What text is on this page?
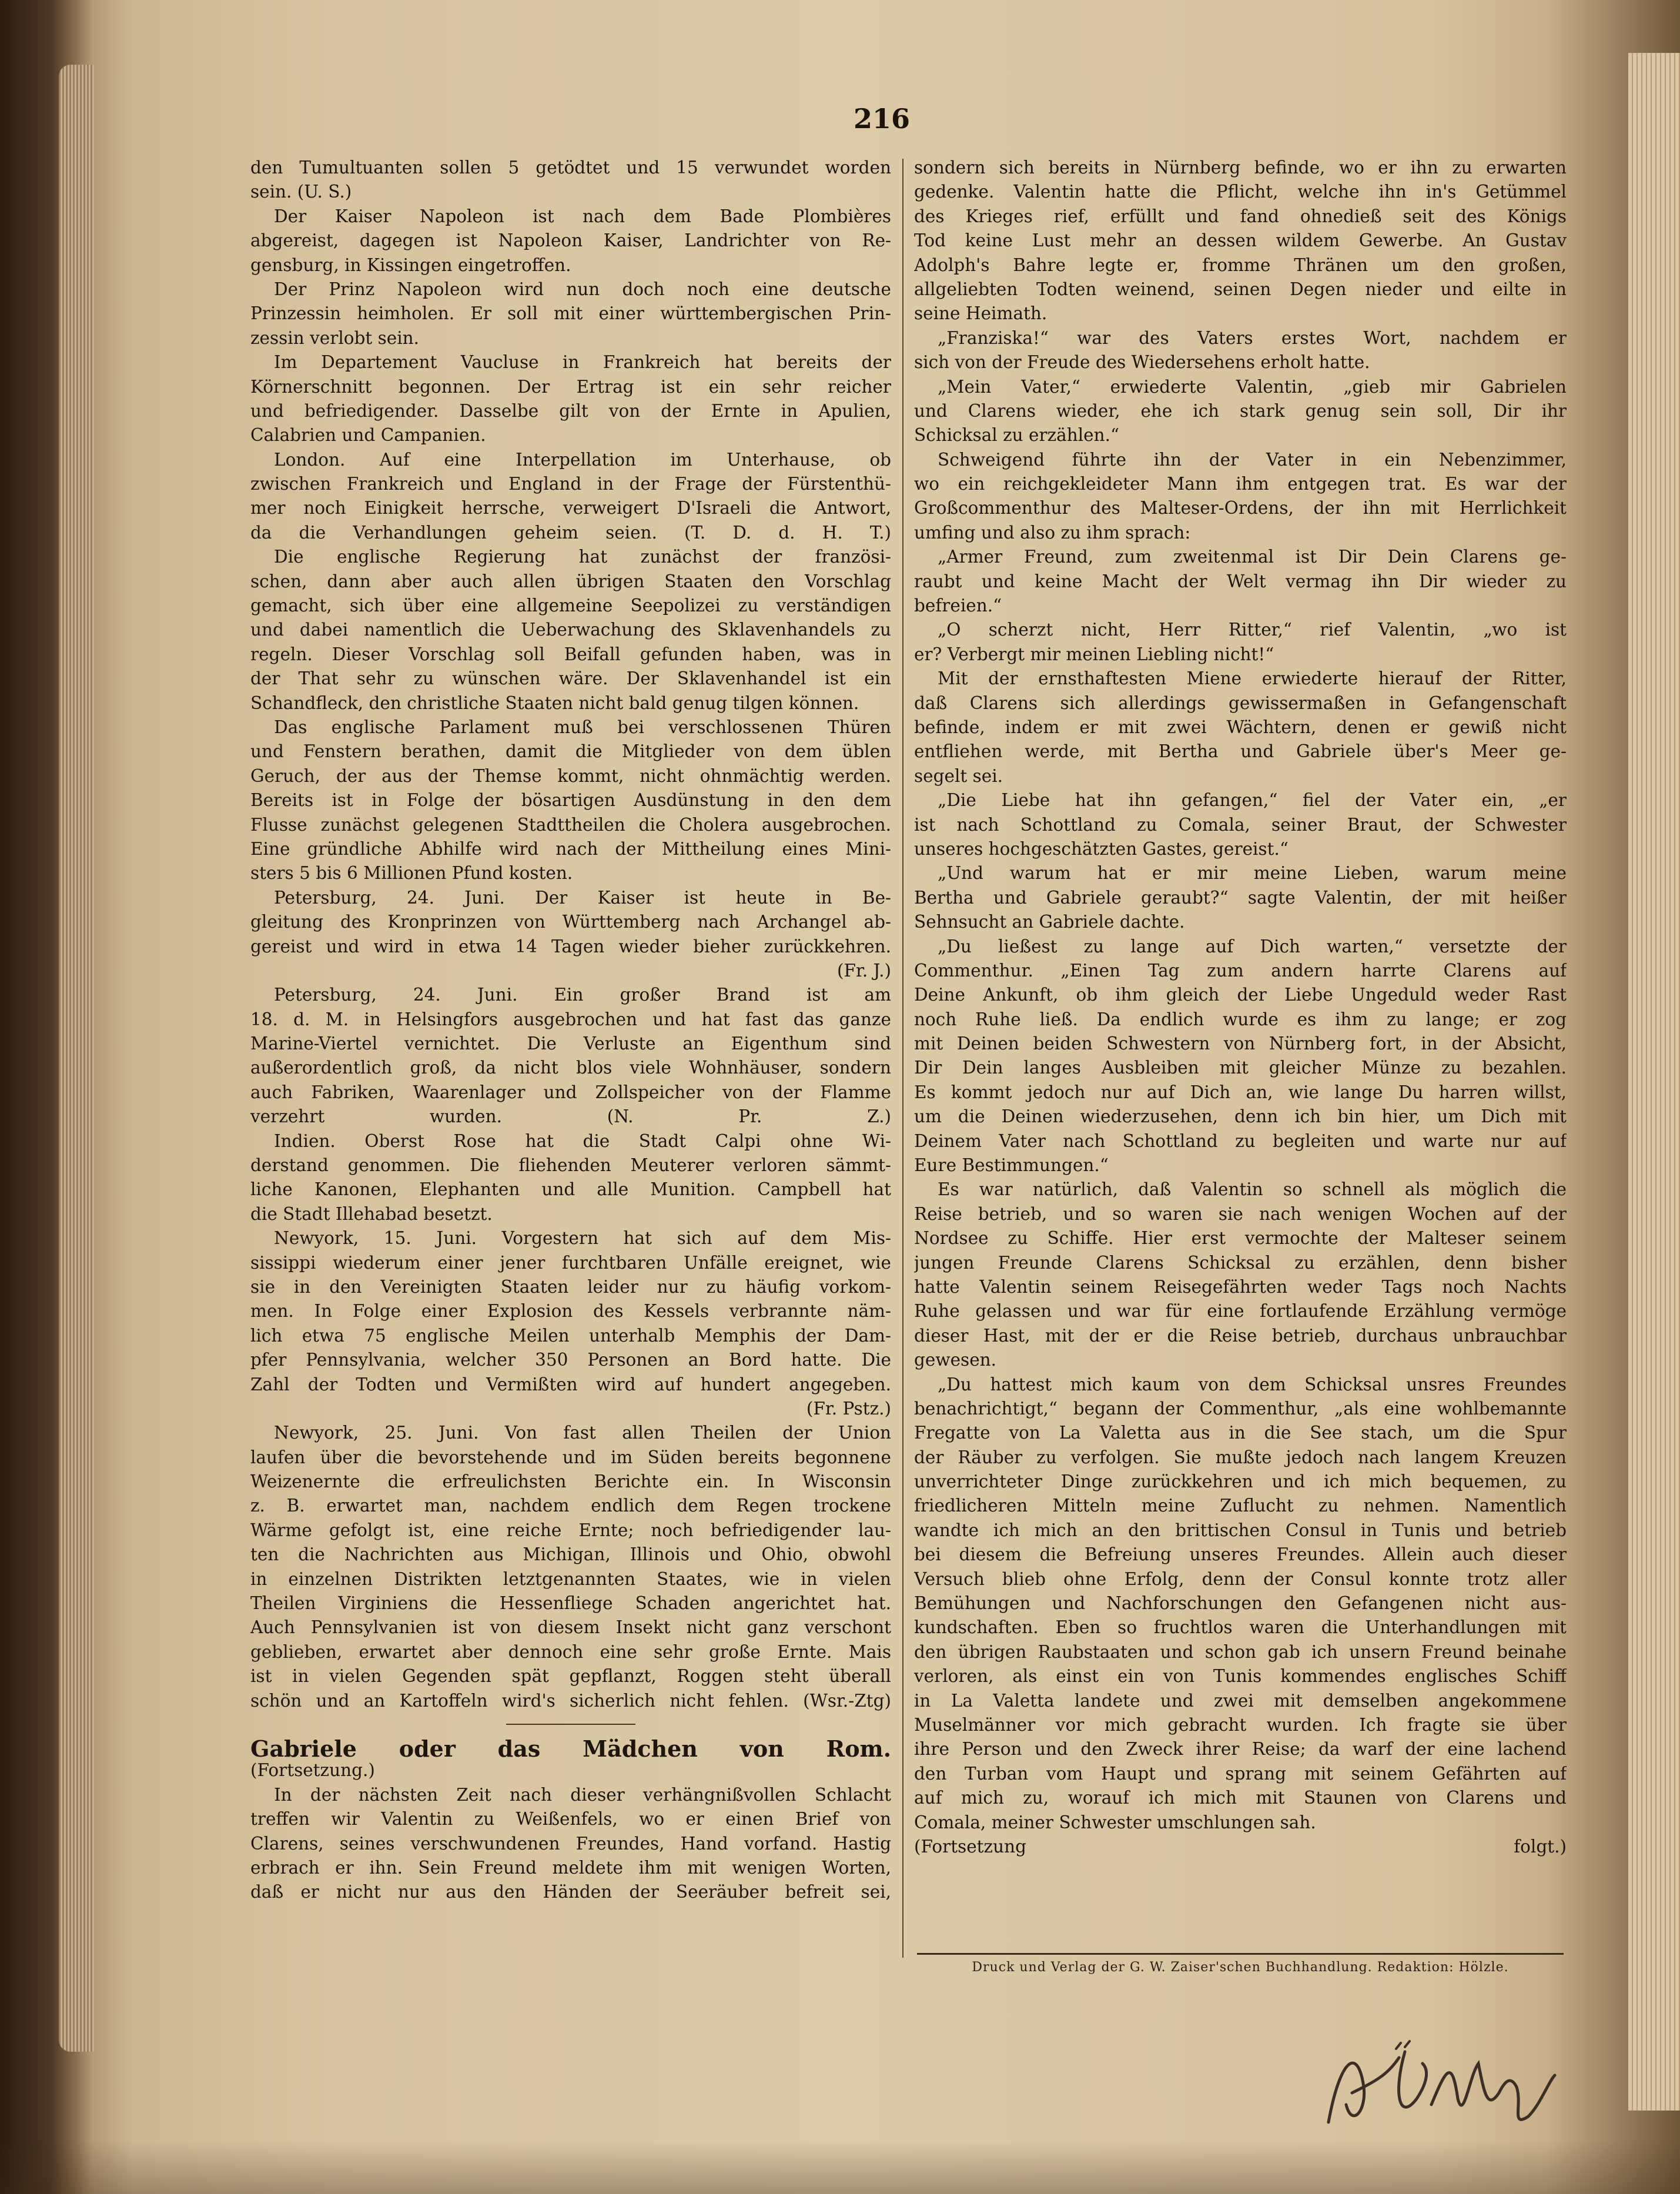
216
den Tumultuanten sollen 5 getödtet und 15 verwundet worden
sein. (U. S.)
Der Kaiser Napoleon ist nach dem Bade Plombières
abgereist, dagegen ist Napoleon Kaiser, Landrichter von Re-
gensburg, in Kissingen eingetroffen.
Der Prinz Napoleon wird nun doch noch eine deutsche
Prinzessin heimholen. Er soll mit einer württembergischen Prin-
zessin verlobt sein.
Im Departement Vaucluse in Frankreich hat bereits der
Körnerschnitt begonnen. Der Ertrag ist ein sehr reicher
und befriedigender. Dasselbe gilt von der Ernte in Apulien,
Calabrien und Campanien.
London. Auf eine Interpellation im Unterhause, ob
zwischen Frankreich und England in der Frage der Fürstenthü-
mer noch Einigkeit herrsche, verweigert D'Israeli die Antwort,
da die Verhandlungen geheim seien. (T. D. d. H. T.)
Die englische Regierung hat zunächst der französi-
schen, dann aber auch allen übrigen Staaten den Vorschlag
gemacht, sich über eine allgemeine Seepolizei zu verständigen
und dabei namentlich die Ueberwachung des Sklavenhandels zu
regeln. Dieser Vorschlag soll Beifall gefunden haben, was in
der That sehr zu wünschen wäre. Der Sklavenhandel ist ein
Schandfleck, den christliche Staaten nicht bald genug tilgen können.
Das englische Parlament muß bei verschlossenen Thüren
und Fenstern berathen, damit die Mitglieder von dem üblen
Geruch, der aus der Themse kommt, nicht ohnmächtig werden.
Bereits ist in Folge der bösartigen Ausdünstung in den dem
Flusse zunächst gelegenen Stadttheilen die Cholera ausgebrochen.
Eine gründliche Abhilfe wird nach der Mittheilung eines Mini-
sters 5 bis 6 Millionen Pfund kosten.
Petersburg, 24. Juni. Der Kaiser ist heute in Be-
gleitung des Kronprinzen von Württemberg nach Archangel ab-
gereist und wird in etwa 14 Tagen wieder bieher zurückkehren.
(Fr. J.)
Petersburg, 24. Juni. Ein großer Brand ist am
18. d. M. in Helsingfors ausgebrochen und hat fast das ganze
Marine-Viertel vernichtet. Die Verluste an Eigenthum sind
außerordentlich groß, da nicht blos viele Wohnhäuser, sondern
auch Fabriken, Waarenlager und Zollspeicher von der Flamme
verzehrt wurden. (N. Pr. Z.)
Indien. Oberst Rose hat die Stadt Calpi ohne Wi-
derstand genommen. Die fliehenden Meuterer verloren sämmt-
liche Kanonen, Elephanten und alle Munition. Campbell hat
die Stadt Illehabad besetzt.
Newyork, 15. Juni. Vorgestern hat sich auf dem Mis-
sissippi wiederum einer jener furchtbaren Unfälle ereignet, wie
sie in den Vereinigten Staaten leider nur zu häufig vorkom-
men. In Folge einer Explosion des Kessels verbrannte näm-
lich etwa 75 englische Meilen unterhalb Memphis der Dam-
pfer Pennsylvania, welcher 350 Personen an Bord hatte. Die
Zahl der Todten und Vermißten wird auf hundert angegeben.
(Fr. Pstz.)
Newyork, 25. Juni. Von fast allen Theilen der Union
laufen über die bevorstehende und im Süden bereits begonnene
Weizenernte die erfreulichsten Berichte ein. In Wisconsin
z. B. erwartet man, nachdem endlich dem Regen trockene
Wärme gefolgt ist, eine reiche Ernte; noch befriedigender lau-
ten die Nachrichten aus Michigan, Illinois und Ohio, obwohl
in einzelnen Distrikten letztgenannten Staates, wie in vielen
Theilen Virginiens die Hessenfliege Schaden angerichtet hat.
Auch Pennsylvanien ist von diesem Insekt nicht ganz verschont
geblieben, erwartet aber dennoch eine sehr große Ernte. Mais
ist in vielen Gegenden spät gepflanzt, Roggen steht überall
schön und an Kartoffeln wird's sicherlich nicht fehlen. (Wsr.-Ztg)
Gabriele oder das Mädchen von Rom.
(Fortsetzung.)
In der nächsten Zeit nach dieser verhängnißvollen Schlacht
treffen wir Valentin zu Weißenfels, wo er einen Brief von
Clarens, seines verschwundenen Freundes, Hand vorfand. Hastig
erbrach er ihn. Sein Freund meldete ihm mit wenigen Worten,
daß er nicht nur aus den Händen der Seeräuber befreit sei,
sondern sich bereits in Nürnberg befinde, wo er ihn zu erwarten
gedenke. Valentin hatte die Pflicht, welche ihn in's Getümmel
des Krieges rief, erfüllt und fand ohnedieß seit des Königs
Tod keine Lust mehr an dessen wildem Gewerbe. An Gustav
Adolph's Bahre legte er, fromme Thränen um den großen,
allgeliebten Todten weinend, seinen Degen nieder und eilte in
seine Heimath.
„Franziska!“ war des Vaters erstes Wort, nachdem er
sich von der Freude des Wiedersehens erholt hatte.
„Mein Vater,“ erwiederte Valentin, „gieb mir Gabrielen
und Clarens wieder, ehe ich stark genug sein soll, Dir ihr
Schicksal zu erzählen.“
Schweigend führte ihn der Vater in ein Nebenzimmer,
wo ein reichgekleideter Mann ihm entgegen trat. Es war der
Großcommenthur des Malteser-Ordens, der ihn mit Herrlichkeit
umfing und also zu ihm sprach:
„Armer Freund, zum zweitenmal ist Dir Dein Clarens ge-
raubt und keine Macht der Welt vermag ihn Dir wieder zu
befreien.“
„O scherzt nicht, Herr Ritter,“ rief Valentin, „wo ist
er? Verbergt mir meinen Liebling nicht!“
Mit der ernsthaftesten Miene erwiederte hierauf der Ritter,
daß Clarens sich allerdings gewissermaßen in Gefangenschaft
befinde, indem er mit zwei Wächtern, denen er gewiß nicht
entfliehen werde, mit Bertha und Gabriele über's Meer ge-
segelt sei.
„Die Liebe hat ihn gefangen,“ fiel der Vater ein, „er
ist nach Schottland zu Comala, seiner Braut, der Schwester
unseres hochgeschätzten Gastes, gereist.“
„Und warum hat er mir meine Lieben, warum meine
Bertha und Gabriele geraubt?“ sagte Valentin, der mit heißer
Sehnsucht an Gabriele dachte.
„Du ließest zu lange auf Dich warten,“ versetzte der
Commenthur. „Einen Tag zum andern harrte Clarens auf
Deine Ankunft, ob ihm gleich der Liebe Ungeduld weder Rast
noch Ruhe ließ. Da endlich wurde es ihm zu lange; er zog
mit Deinen beiden Schwestern von Nürnberg fort, in der Absicht,
Dir Dein langes Ausbleiben mit gleicher Münze zu bezahlen.
Es kommt jedoch nur auf Dich an, wie lange Du harren willst,
um die Deinen wiederzusehen, denn ich bin hier, um Dich mit
Deinem Vater nach Schottland zu begleiten und warte nur auf
Eure Bestimmungen.“
Es war natürlich, daß Valentin so schnell als möglich die
Reise betrieb, und so waren sie nach wenigen Wochen auf der
Nordsee zu Schiffe. Hier erst vermochte der Malteser seinem
jungen Freunde Clarens Schicksal zu erzählen, denn bisher
hatte Valentin seinem Reisegefährten weder Tags noch Nachts
Ruhe gelassen und war für eine fortlaufende Erzählung vermöge
dieser Hast, mit der er die Reise betrieb, durchaus unbrauchbar
gewesen.
„Du hattest mich kaum von dem Schicksal unsres Freundes
benachrichtigt,“ begann der Commenthur, „als eine wohlbemannte
Fregatte von La Valetta aus in die See stach, um die Spur
der Räuber zu verfolgen. Sie mußte jedoch nach langem Kreuzen
unverrichteter Dinge zurückkehren und ich mich bequemen, zu
friedlicheren Mitteln meine Zuflucht zu nehmen. Namentlich
wandte ich mich an den brittischen Consul in Tunis und betrieb
bei diesem die Befreiung unseres Freundes. Allein auch dieser
Versuch blieb ohne Erfolg, denn der Consul konnte trotz aller
Bemühungen und Nachforschungen den Gefangenen nicht aus-
kundschaften. Eben so fruchtlos waren die Unterhandlungen mit
den übrigen Raubstaaten und schon gab ich unsern Freund beinahe
verloren, als einst ein von Tunis kommendes englisches Schiff
in La Valetta landete und zwei mit demselben angekommene
Muselmänner vor mich gebracht wurden. Ich fragte sie über
ihre Person und den Zweck ihrer Reise; da warf der eine lachend
den Turban vom Haupt und sprang mit seinem Gefährten auf
auf mich zu, worauf ich mich mit Staunen von Clarens und
Comala, meiner Schwester umschlungen sah.
(Fortsetzung folgt.)
Druck und Verlag der G. W. Zaiser'schen Buchhandlung. Redaktion: Hölzle.
